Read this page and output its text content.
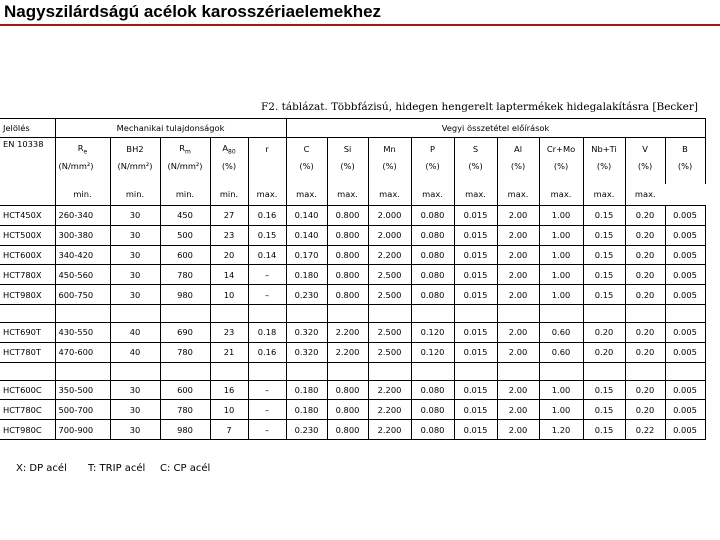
Nagyszilárdságú acélok karosszériaelemekhez
F2. táblázat. Többfázisú, hidegen hengerelt laptermékek hidegalakításra [Becker]
Jelölés	Mechanikai tulajdonságok					Vegyi összetétel előírások									
EN 10338	$R_e$	BH2	$R_m$	$A_{80}$	r	C	Si	Mn	P	S	Al	Cr+Mo	Nb+Ti	V	B
	(N/mm²)	(N/mm²)	(N/mm²)	(%)		(%)	(%)	(%)	(%)	(%)	(%)	(%)	(%)	(%)	(%)
	min.	min.	min.	min.	max.	max.	max.	max.	max.	max.	max.	max.	max.	max.	
HCT450X	260-340	30	450	27	0.16	0.140	0.800	2.000	0.080	0.015	2.00	1.00	0.15	0.20	0.005
HCT500X	300-380	30	500	23	0.15	0.140	0.800	2.000	0.080	0.015	2.00	1.00	0.15	0.20	0.005
HCT600X	340-420	30	600	20	0.14	0.170	0.800	2.200	0.080	0.015	2.00	1.00	0.15	0.20	0.005
HCT780X	450-560	30	780	14	–	0.180	0.800	2.500	0.080	0.015	2.00	1.00	0.15	0.20	0.005
HCT980X	600-750	30	980	10	–	0.230	0.800	2.500	0.080	0.015	2.00	1.00	0.15	0.20	0.005

HCT690T	430-550	40	690	23	0.18	0.320	2.200	2.500	0.120	0.015	2.00	0.60	0.20	0.20	0.005
HCT780T	470-600	40	780	21	0.16	0.320	2.200	2.500	0.120	0.015	2.00	0.60	0.20	0.20	0.005

HCT600C	350-500	30	600	16	–	0.180	0.800	2.200	0.080	0.015	2.00	1.00	0.15	0.20	0.005
HCT780C	500-700	30	780	10	–	0.180	0.800	2.200	0.080	0.015	2.00	1.00	0.15	0.20	0.005
HCT980C	700-900	30	980	7	–	0.230	0.800	2.200	0.080	0.015	2.00	1.20	0.15	0.22	0.005
X: DP acél T: TRIP acél C: CP acél
